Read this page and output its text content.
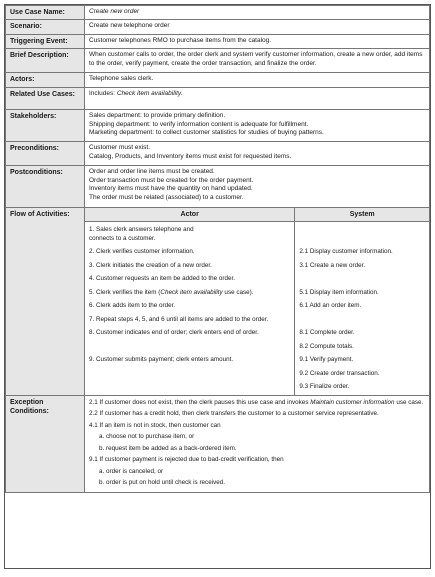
Use Case Name:	Create new order
Scenario:	Create new telephone order
Triggering Event:	Customer telephones RMO to purchase items from the catalog.
Brief Description:	When customer calls to order, the order clerk and system verify customer information, create a new order, add items to the order, verify payment, create the order transaction, and finalize the order.
Actors:	Telephone sales clerk.
Related Use Cases:	Includes: Check item availability.
Stakeholders:	Sales department: to provide primary definition.
Shipping department: to verify information content is adequate for fulfillment.
Marketing department: to collect customer statistics for studies of buying patterns.

Preconditions:	Customer must exist.
Catalog, Products, and Inventory items must exist for requested items.

Postconditions:	Order and order line items must be created.
Order transaction must be created for the order payment.
Inventory items must have the quantity on hand updated.
The order must be related (associated) to a customer.

Flow of Activities:		Actor	System

1. Sales clerk answers telephone and connects to a customer.

2. Clerk verifies customer information.	2.1 Display customer information.

3. Clerk initiates the creation of a new order.	3.1 Create a new order.

4. Customer requests an item be added to the order.

5. Clerk verifies the item (Check item availability use case).	5.1 Display item information.

6. Clerk adds item to the order.	6.1 Add an order item.

7. Repeat steps 4, 5, and 6 until all items are added to the order.

8. Customer indicates end of order; clerk enters end of order.	8.1 Complete order.
8.2 Compute totals.

9. Customer submits payment; clerk enters amount.	9.1 Verify payment.
9.2 Create order transaction.
9.3 Finalize order.

Exception Conditions:	
2.1 If customer does not exist, then the clerk pauses this use case and invokes Maintain customer information use case.
2.2 If customer has a credit hold, then clerk transfers the customer to a customer service representative.
4.1 If an item is not in stock, then customer can
a. choose not to purchase item, or
b. request item be added as a back-ordered item.
9.1 If customer payment is rejected due to bad-credit verification, then
a. order is canceled, or
b. order is put on hold until check is received.
